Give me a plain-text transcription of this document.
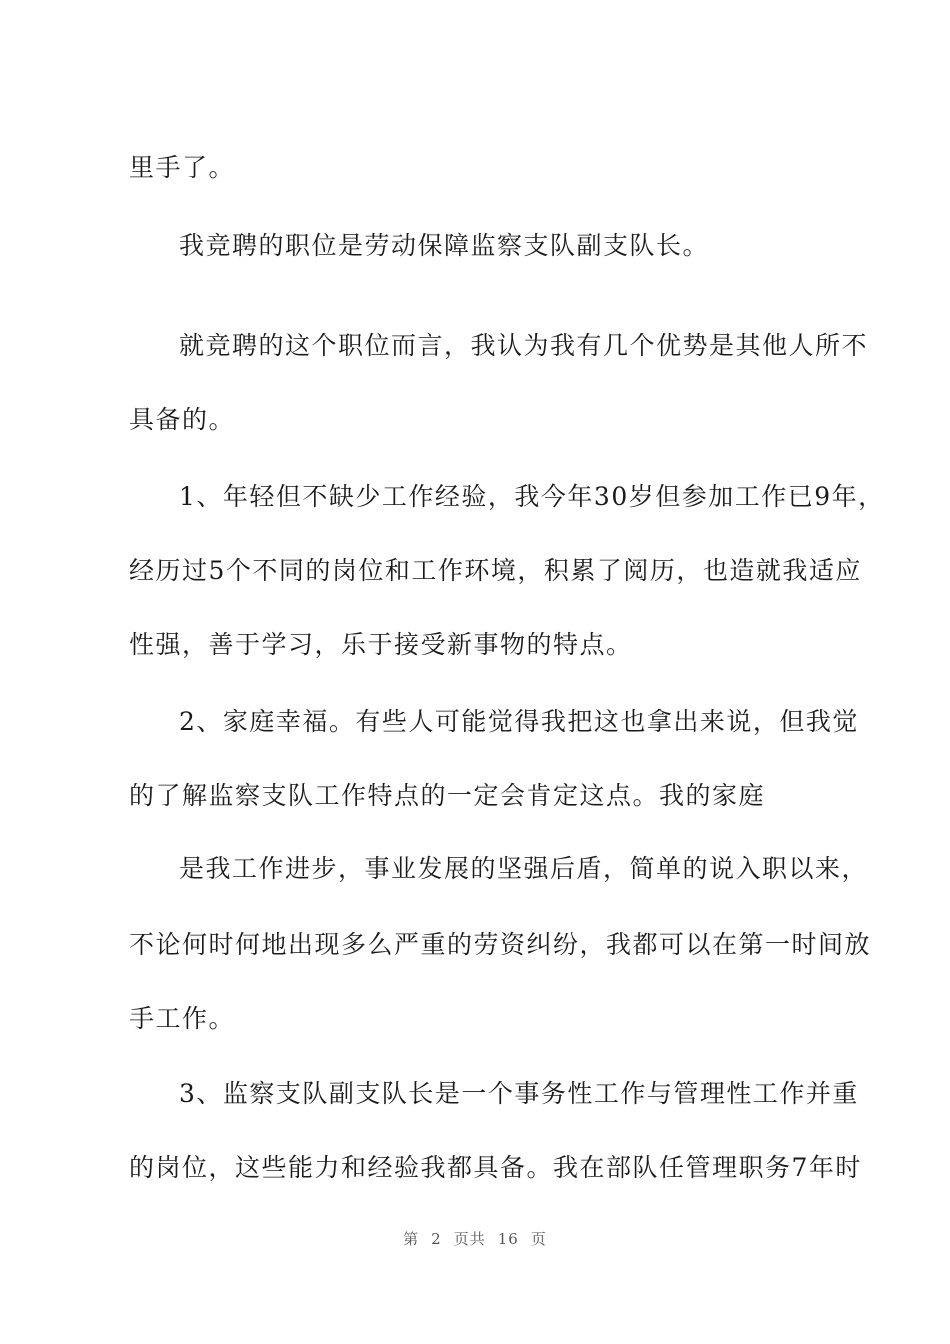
里手了。
我竞聘的职位是劳动保障监察支队副支队长。
就竞聘的这个职位而言，我认为我有几个优势是其他人所不
具备的。
1、年轻但不缺少工作经验，我今年30岁但参加工作已9年，
经历过5个不同的岗位和工作环境，积累了阅历，也造就我适应
性强，善于学习，乐于接受新事物的特点。
2、家庭幸福。有些人可能觉得我把这也拿出来说，但我觉
的了解监察支队工作特点的一定会肯定这点。我的家庭
是我工作进步，事业发展的坚强后盾，简单的说入职以来，
不论何时何地出现多么严重的劳资纠纷，我都可以在第一时间放
手工作。
3、监察支队副支队长是一个事务性工作与管理性工作并重
的岗位，这些能力和经验我都具备。我在部队任管理职务7年时
第 2 页共 16 页
